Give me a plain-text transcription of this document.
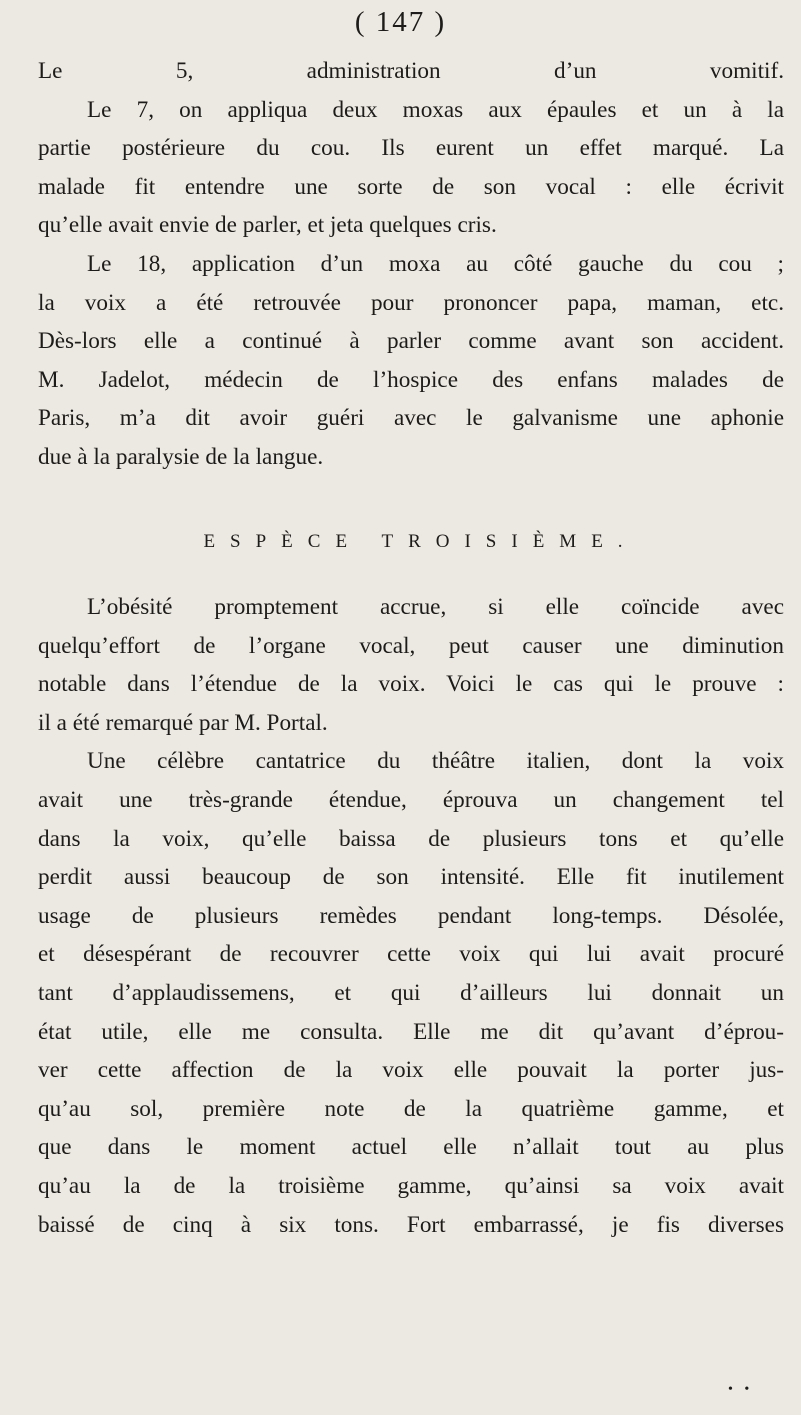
( 147 )
Le 5, administration d’un vomitif.
Le 7, on appliqua deux moxas aux épaules et un à la
partie postérieure du cou. Ils eurent un effet marqué. La
malade fit entendre une sorte de son vocal : elle écrivit
qu’elle avait envie de parler, et jeta quelques cris.
Le 18, application d’un moxa au côté gauche du cou ;
la voix a été retrouvée pour prononcer papa, maman, etc.
Dès-lors elle a continué à parler comme avant son accident.
M. Jadelot, médecin de l’hospice des enfans malades de
Paris, m’a dit avoir guéri avec le galvanisme une aphonie
due à la paralysie de la langue.
ESPÈCE TROISIÈME.
L’obésité promptement accrue, si elle coïncide avec
quelqu’effort de l’organe vocal, peut causer une diminution
notable dans l’étendue de la voix. Voici le cas qui le prouve :
il a été remarqué par M. Portal.
Une célèbre cantatrice du théâtre italien, dont la voix
avait une très-grande étendue, éprouva un changement tel
dans la voix, qu’elle baissa de plusieurs tons et qu’elle
perdit aussi beaucoup de son intensité. Elle fit inutilement
usage de plusieurs remèdes pendant long-temps. Désolée,
et désespérant de recouvrer cette voix qui lui avait procuré
tant d’applaudissemens, et qui d’ailleurs lui donnait un
état utile, elle me consulta. Elle me dit qu’avant d’éprou-
ver cette affection de la voix elle pouvait la porter jus-
qu’au sol, première note de la quatrième gamme, et
que dans le moment actuel elle n’allait tout au plus
qu’au la de la troisième gamme, qu’ainsi sa voix avait
baissé de cinq à six tons. Fort embarrassé, je fis diverses
• •
